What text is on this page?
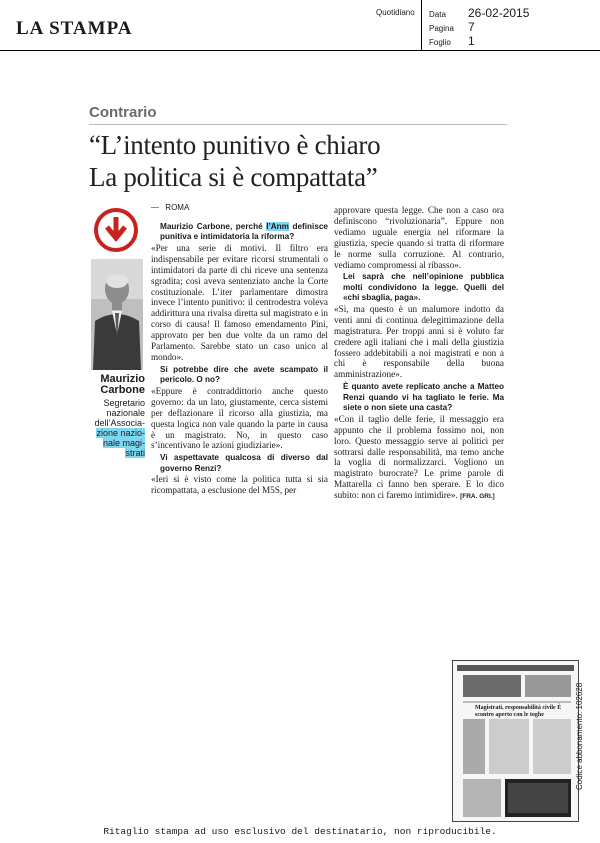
LA STAMPA
Quotidiano Data 26-02-2015
Pagina 7
Foglio 1
Contrario
“L’intento punitivo è chiaro
La politica si è compattata”
Maurizio
Carbone
Segretario
nazionale
dell’Associa-
zione nazio-
nale magi-
strati
ROMA

Maurizio Carbone, perché l’Anm definisce punitiva e intimidatoria la riforma?

«Per una serie di motivi. Il filtro era indispensabile per evitare ricorsi strumentali o intimidatori da parte di chi riceve una sentenza sgradita; così aveva sentenziato anche la Corte costituzionale. L’iter parlamentare dimostra invece l’intento punitivo: il centrodestra voleva addirittura una rivalsa diretta sul magistrato e in corso di causa! Il famoso emendamento Pini, approvato per ben due volte da un ramo del Parlamento. Sarebbe stato un caso unico al mondo».

Si potrebbe dire che avete scampato il pericolo. O no?

«Eppure è contraddittorio anche questo governo: da un lato, giustamente, cerca sistemi per deflazionare il ricorso alla giustizia, ma questa logica non vale quando la parte in causa è un magistrato. No, in questo caso s’incentivano le azioni giudiziarie».

Vi aspettavate qualcosa di diverso dal governo Renzi?

«Ieri si è visto come la politica tutta si sia ricompattata, a esclusione del M5S, per

approvare questa legge. Che non a caso ora definiscono “rivoluzionaria”. Eppure non vediamo uguale energia nel riformare la giustizia, specie quando si tratta di riformare le norme sulla corruzione. Al contrario, vediamo compromessi al ribasso».

Lei saprà che nell’opinione pubblica molti condividono la legge. Quelli del «chi sbaglia, paga».

«Sì, ma questo è un malumore indotto da venti anni di continua delegittimazione della magistratura. Per troppi anni si è voluto far credere agli italiani che i mali della giustizia fossero addebitabili a noi magistrati e non a chi è responsabile della buona amministrazione».

È quanto avete replicato anche a Matteo Renzi quando vi ha tagliato le ferie. Ma siete o non siete una casta?

«Con il taglio delle ferie, il messaggio era appunto che il problema fossimo noi, non loro. Questo messaggio serve ai politici per sottrarsi dalle responsabilità, ma temo anche la voglia di normalizzarci. Vogliono un magistrato burocrate? Le prime parole di Mattarella ci fanno ben sperare. E lo dico subito: non ci faremo intimidire». [FRA. GRI.]

Magistrati, responsabilità civile È scontro aperto con le toghe
Ritaglio stampa ad uso esclusivo del destinatario, non riproducibile.
Codice abbonamento: 102628
